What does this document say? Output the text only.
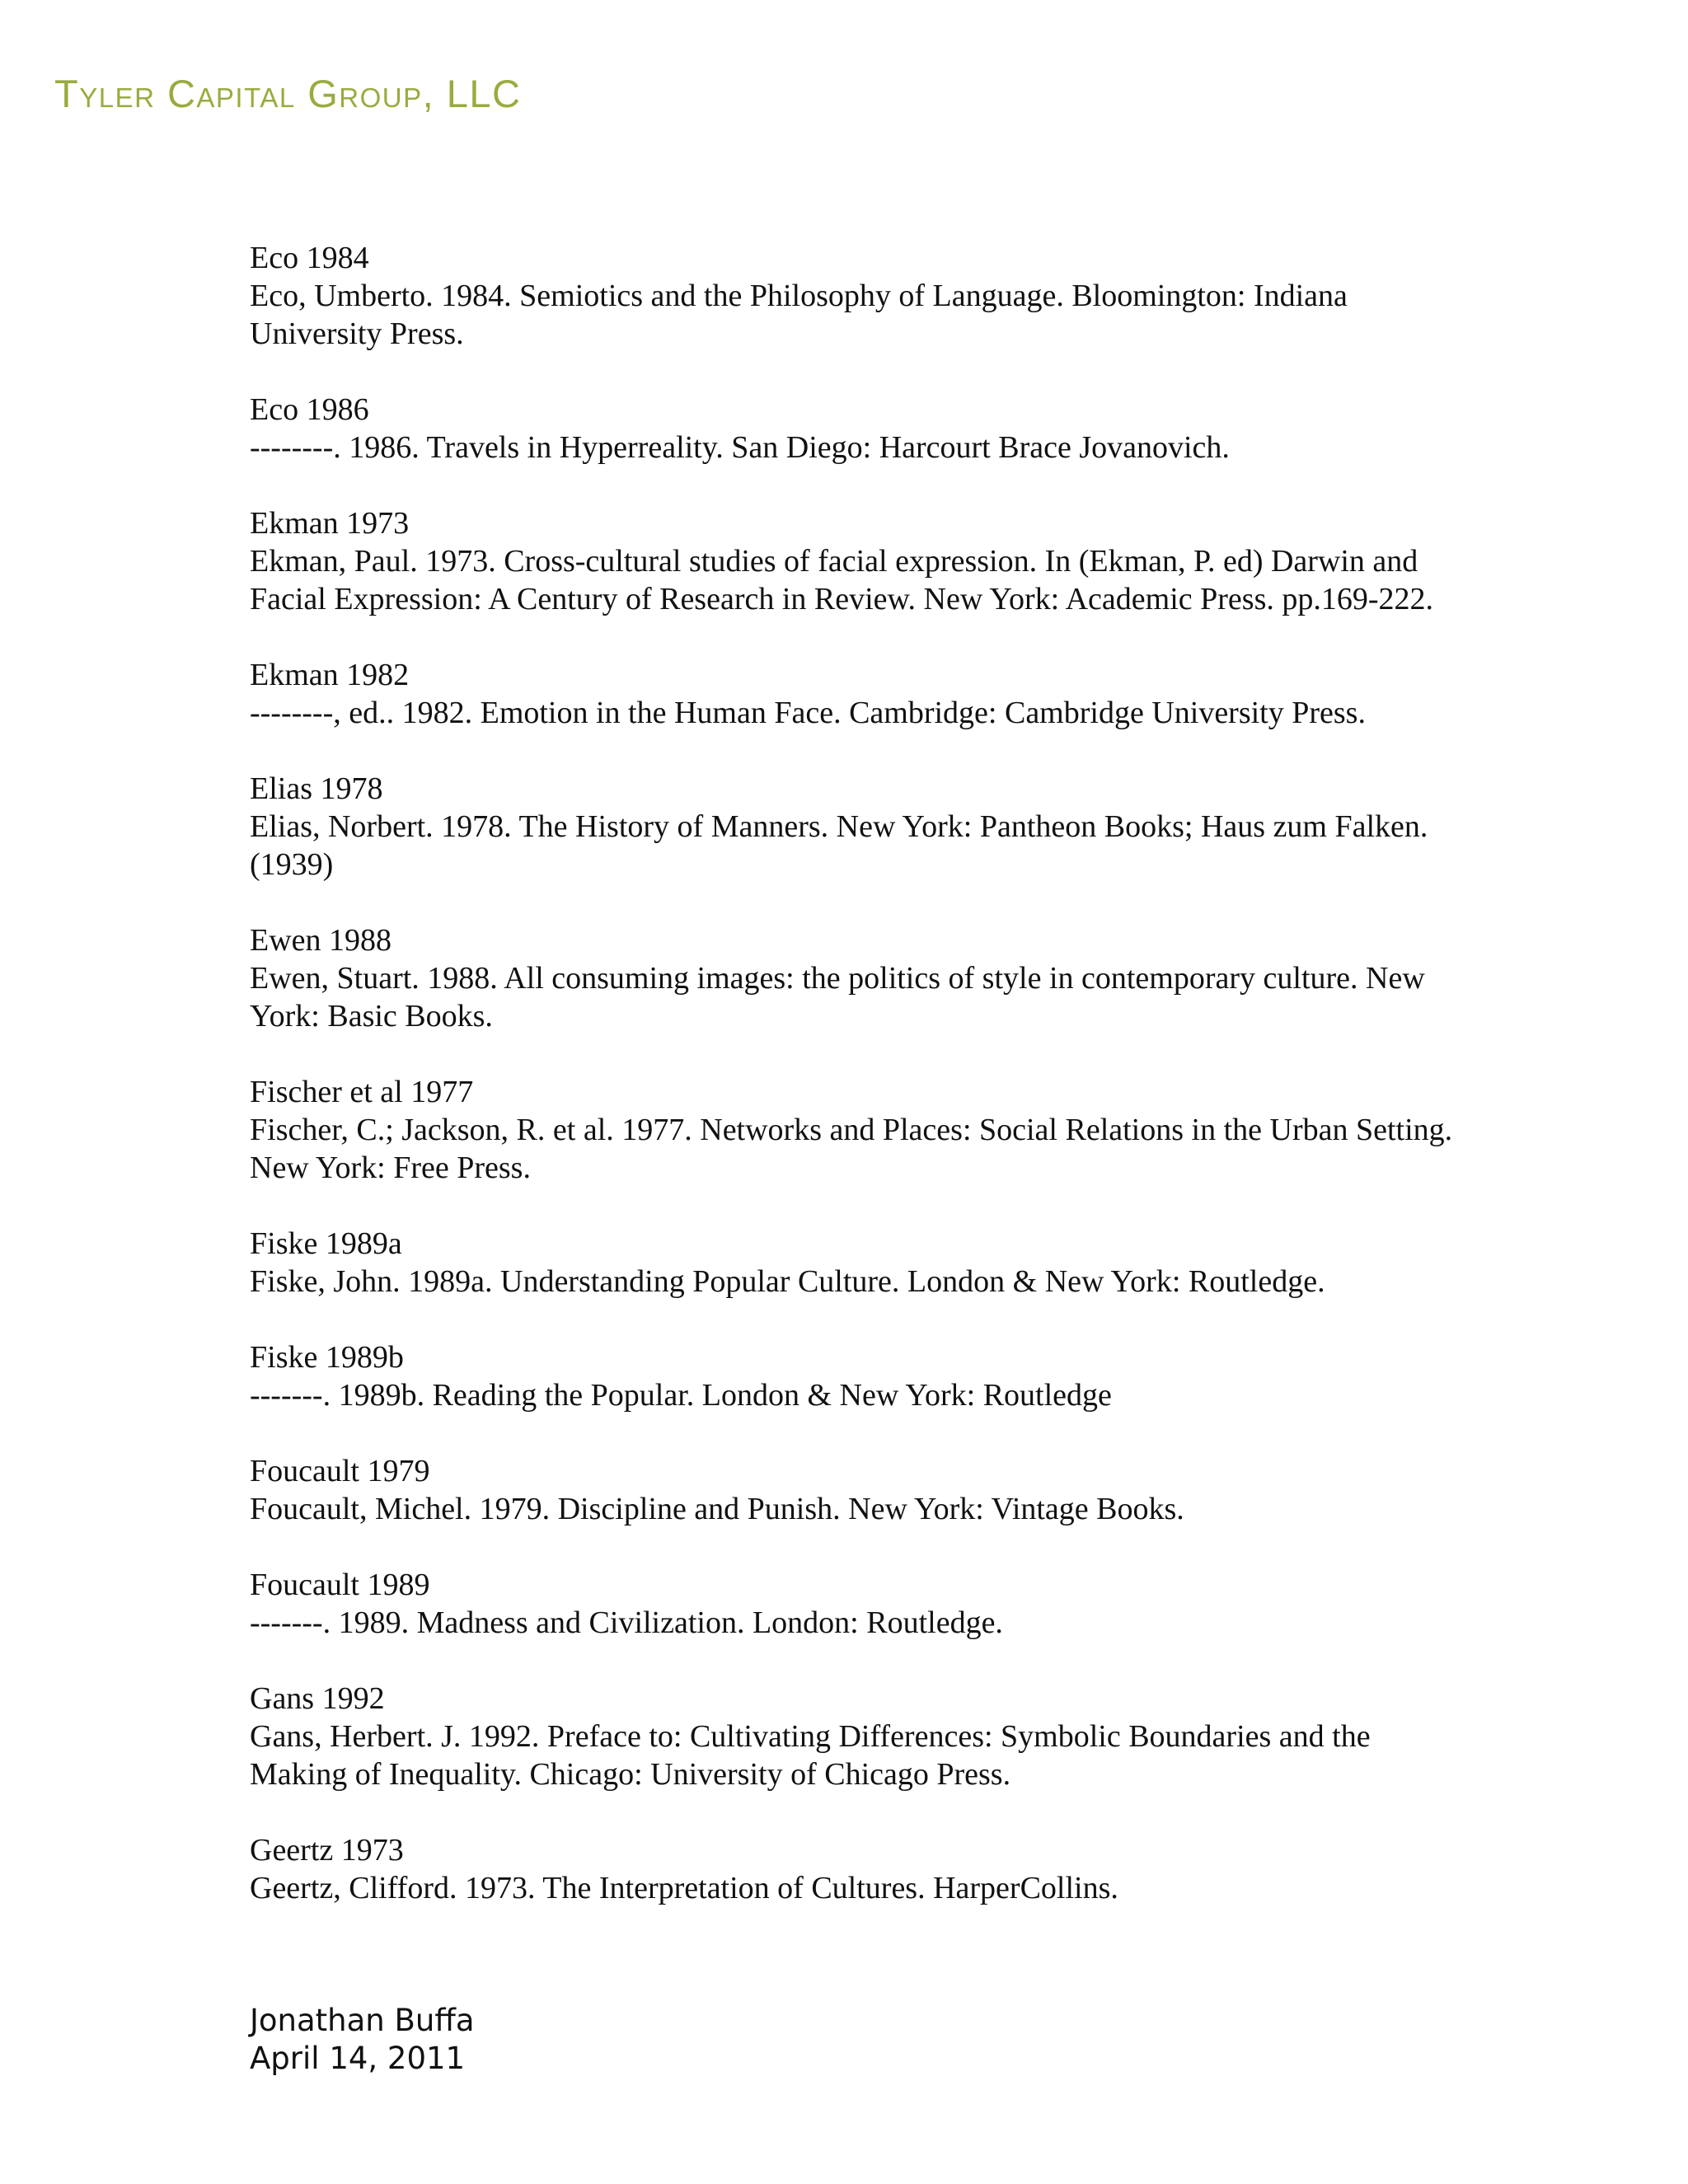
Tyler Capital Group, LLC
Eco 1984
Eco, Umberto. 1984. Semiotics and the Philosophy of Language. Bloomington: Indiana University Press.
Eco 1986
--------. 1986. Travels in Hyperreality. San Diego: Harcourt Brace Jovanovich.
Ekman 1973
Ekman, Paul. 1973. Cross-cultural studies of facial expression. In (Ekman, P. ed) Darwin and Facial Expression: A Century of Research in Review. New York: Academic Press. pp.169-222.
Ekman 1982
--------, ed.. 1982. Emotion in the Human Face. Cambridge: Cambridge University Press.
Elias 1978
Elias, Norbert. 1978. The History of Manners. New York: Pantheon Books; Haus zum Falken. (1939)
Ewen 1988
Ewen, Stuart. 1988. All consuming images: the politics of style in contemporary culture. New York: Basic Books.
Fischer et al 1977
Fischer, C.; Jackson, R. et al. 1977. Networks and Places: Social Relations in the Urban Setting. New York: Free Press.
Fiske 1989a
Fiske, John. 1989a. Understanding Popular Culture. London & New York: Routledge.
Fiske 1989b
-------. 1989b. Reading the Popular. London & New York: Routledge
Foucault 1979
Foucault, Michel. 1979. Discipline and Punish. New York: Vintage Books.
Foucault 1989
-------. 1989. Madness and Civilization. London: Routledge.
Gans 1992
Gans, Herbert. J. 1992. Preface to: Cultivating Differences: Symbolic Boundaries and the Making of Inequality. Chicago: University of Chicago Press.
Geertz 1973
Geertz, Clifford. 1973. The Interpretation of Cultures. HarperCollins.
Jonathan Buffa
April 14, 2011
